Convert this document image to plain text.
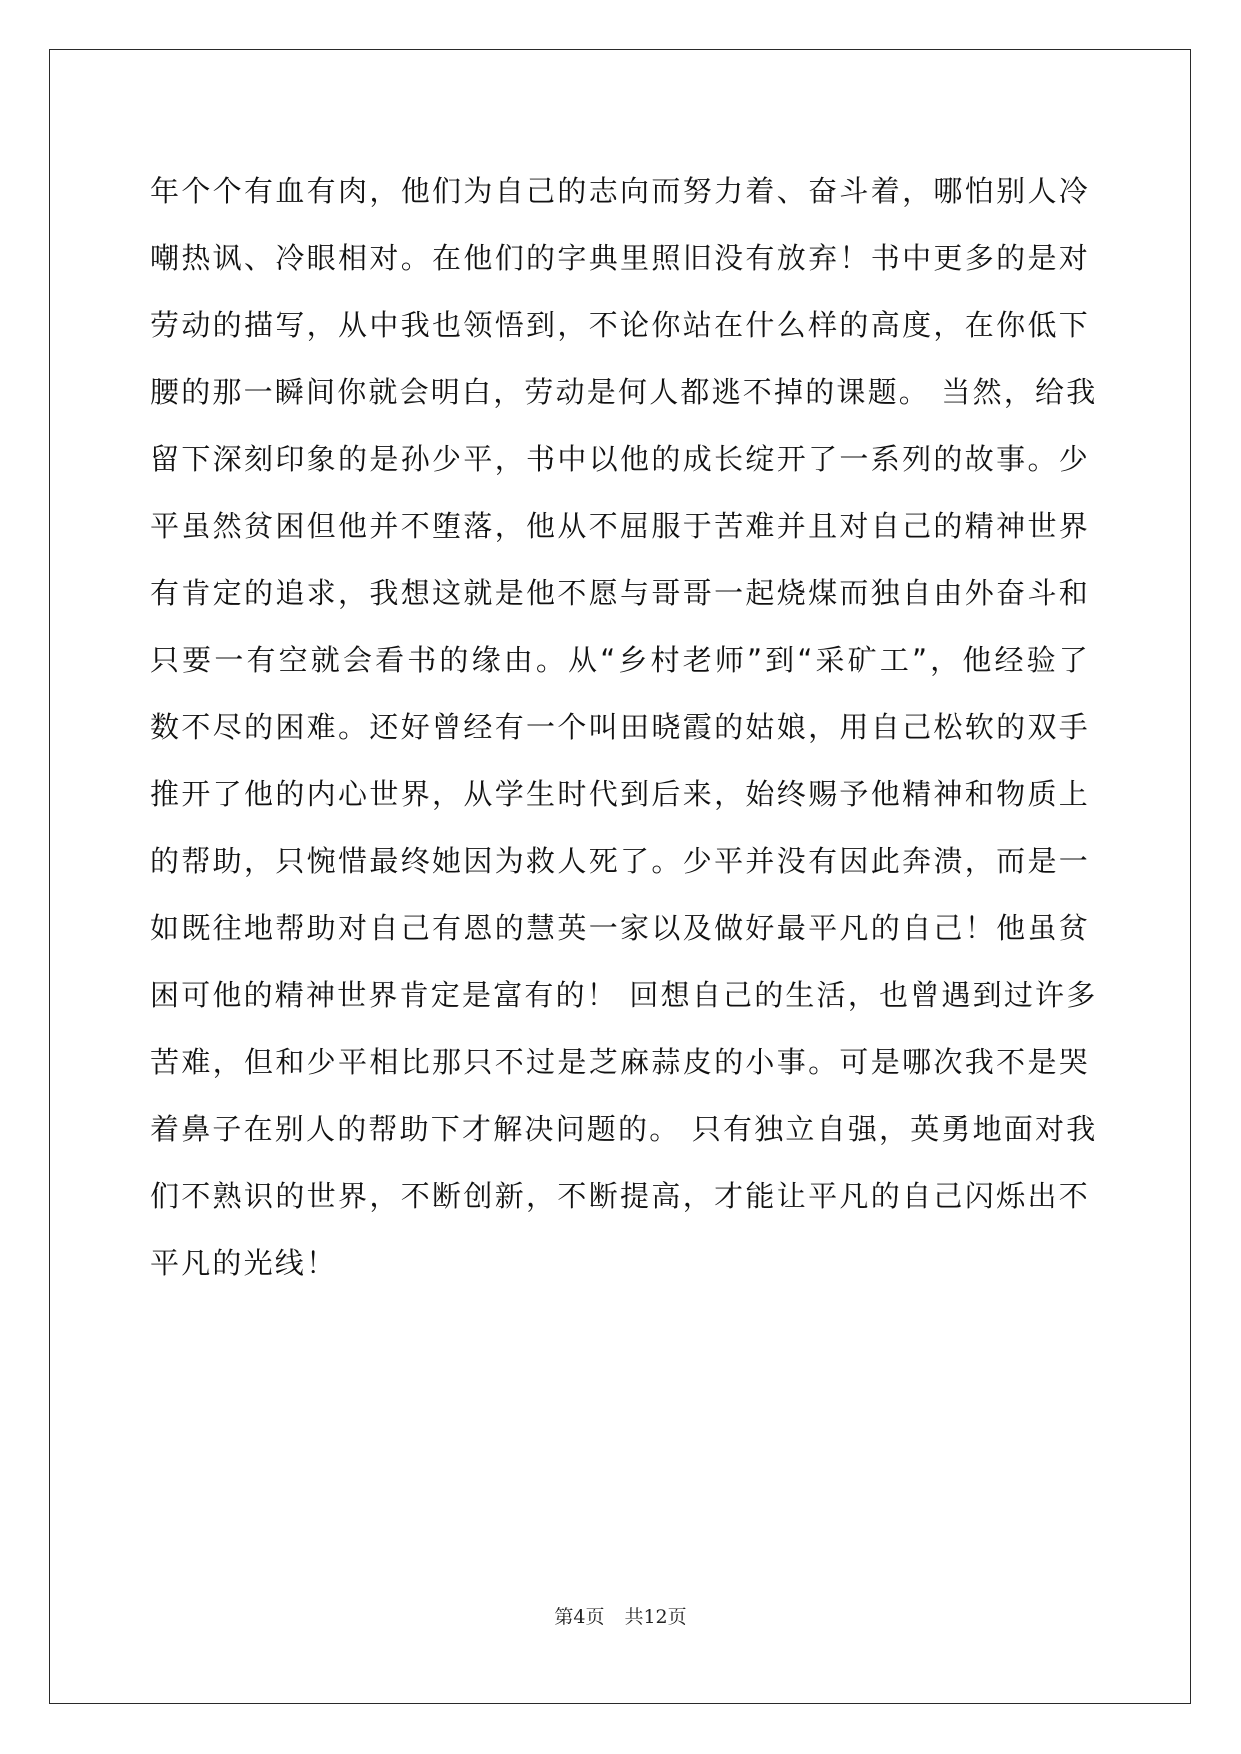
年个个有血有肉，他们为自己的志向而努力着、奋斗着，哪怕别人冷
嘲热讽、冷眼相对。在他们的字典里照旧没有放弃！书中更多的是对
劳动的描写，从中我也领悟到，不论你站在什么样的高度，在你低下
腰的那一瞬间你就会明白，劳动是何人都逃不掉的课题。 当然，给我
留下深刻印象的是孙少平，书中以他的成长绽开了一系列的故事。少
平虽然贫困但他并不堕落，他从不屈服于苦难并且对自己的精神世界
有肯定的追求，我想这就是他不愿与哥哥一起烧煤而独自由外奋斗和
只要一有空就会看书的缘由。从“乡村老师”到“采矿工”，他经验了
数不尽的困难。还好曾经有一个叫田晓霞的姑娘，用自己松软的双手
推开了他的内心世界，从学生时代到后来，始终赐予他精神和物质上
的帮助，只惋惜最终她因为救人死了。少平并没有因此奔溃，而是一
如既往地帮助对自己有恩的慧英一家以及做好最平凡的自己！他虽贫
困可他的精神世界肯定是富有的！ 回想自己的生活，也曾遇到过许多
苦难，但和少平相比那只不过是芝麻蒜皮的小事。可是哪次我不是哭
着鼻子在别人的帮助下才解决问题的。 只有独立自强，英勇地面对我
们不熟识的世界，不断创新，不断提高，才能让平凡的自己闪烁出不
平凡的光线！
第4页 共12页
